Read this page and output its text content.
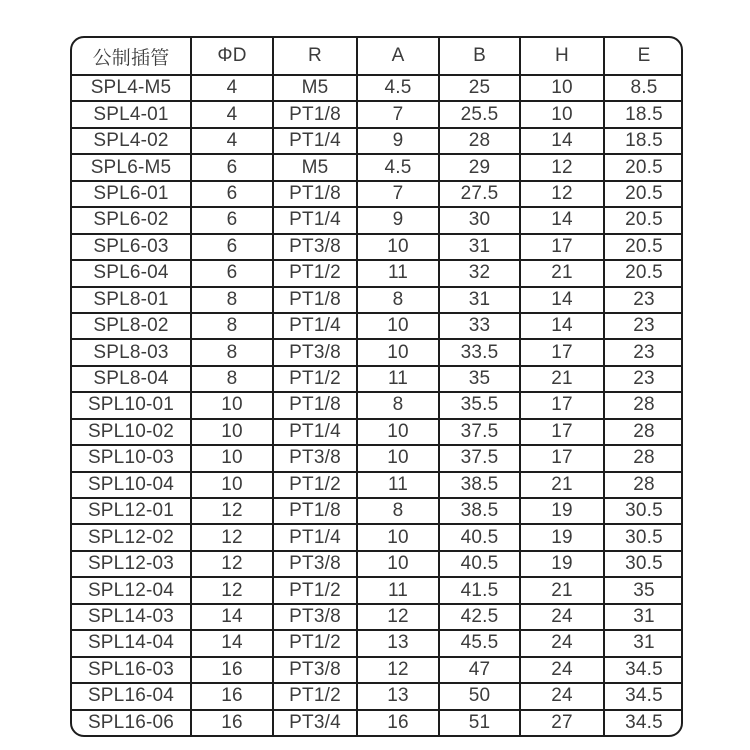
公制插管	ΦD	R	A	B	H	E
SPL4-M5	4	M5	4.5	25	10	8.5
SPL4-01	4	PT1/8	7	25.5	10	18.5
SPL4-02	4	PT1/4	9	28	14	18.5
SPL6-M5	6	M5	4.5	29	12	20.5
SPL6-01	6	PT1/8	7	27.5	12	20.5
SPL6-02	6	PT1/4	9	30	14	20.5
SPL6-03	6	PT3/8	10	31	17	20.5
SPL6-04	6	PT1/2	11	32	21	20.5
SPL8-01	8	PT1/8	8	31	14	23
SPL8-02	8	PT1/4	10	33	14	23
SPL8-03	8	PT3/8	10	33.5	17	23
SPL8-04	8	PT1/2	11	35	21	23
SPL10-01	10	PT1/8	8	35.5	17	28
SPL10-02	10	PT1/4	10	37.5	17	28
SPL10-03	10	PT3/8	10	37.5	17	28
SPL10-04	10	PT1/2	11	38.5	21	28
SPL12-01	12	PT1/8	8	38.5	19	30.5
SPL12-02	12	PT1/4	10	40.5	19	30.5
SPL12-03	12	PT3/8	10	40.5	19	30.5
SPL12-04	12	PT1/2	11	41.5	21	35
SPL14-03	14	PT3/8	12	42.5	24	31
SPL14-04	14	PT1/2	13	45.5	24	31
SPL16-03	16	PT3/8	12	47	24	34.5
SPL16-04	16	PT1/2	13	50	24	34.5
SPL16-06	16	PT3/4	16	51	27	34.5
